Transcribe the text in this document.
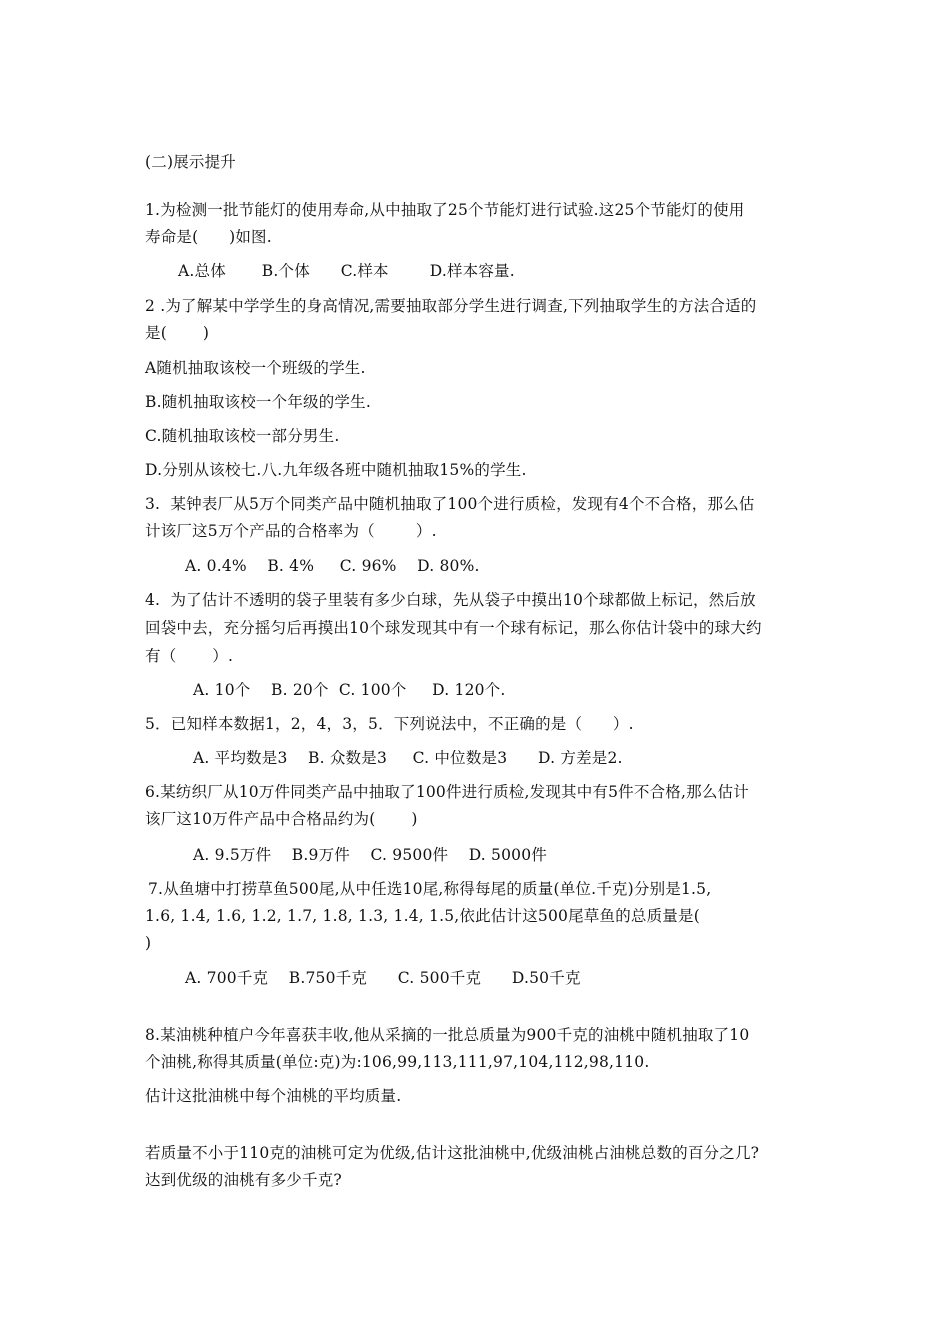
(二)展示提升
1.为检测一批节能灯的使用寿命,从中抽取了25个节能灯进行试验.这25个节能灯的使用
寿命是(      )如图.
A.总体       B.个体      C.样本        D.样本容量.
2 .为了解某中学学生的身高情况,需要抽取部分学生进行调查,下列抽取学生的方法合适的
是(       )
A随机抽取该校一个班级的学生.
B.随机抽取该校一个年级的学生.
C.随机抽取该校一部分男生.
D.分别从该校七.八.九年级各班中随机抽取15%的学生.
3.  某钟表厂从5万个同类产品中随机抽取了100个进行质检，发现有4个不合格，那么估
计该厂这5万个产品的合格率为（        ）.
A. 0.4%    B. 4%     C. 96%    D. 80%.
4.  为了估计不透明的袋子里装有多少白球，先从袋子中摸出10个球都做上标记，然后放
回袋中去，充分摇匀后再摸出10个球发现其中有一个球有标记，那么你估计袋中的球大约
有（       ）.
A. 10个    B. 20个  C. 100个     D. 120个.
5．已知样本数据1，2，4，3，5．下列说法中，不正确的是（      ）.
A. 平均数是3    B. 众数是3     C. 中位数是3      D. 方差是2.
6.某纺织厂从10万件同类产品中抽取了100件进行质检,发现其中有5件不合格,那么估计
该厂这10万件产品中合格品约为(       )
A. 9.5万件    B.9万件    C. 9500件    D. 5000件
7.从鱼塘中打捞草鱼500尾,从中任选10尾,称得每尾的质量(单位.千克)分别是1.5,
1.6, 1.4, 1.6, 1.2, 1.7, 1.8, 1.3, 1.4, 1.5,依此估计这500尾草鱼的总质量是(
)
A. 700千克    B.750千克      C. 500千克      D.50千克
8.某油桃种植户今年喜获丰收,他从采摘的一批总质量为900千克的油桃中随机抽取了10
个油桃,称得其质量(单位:克)为:106,99,113,111,97,104,112,98,110.
估计这批油桃中每个油桃的平均质量.
若质量不小于110克的油桃可定为优级,估计这批油桃中,优级油桃占油桃总数的百分之几?
达到优级的油桃有多少千克?
